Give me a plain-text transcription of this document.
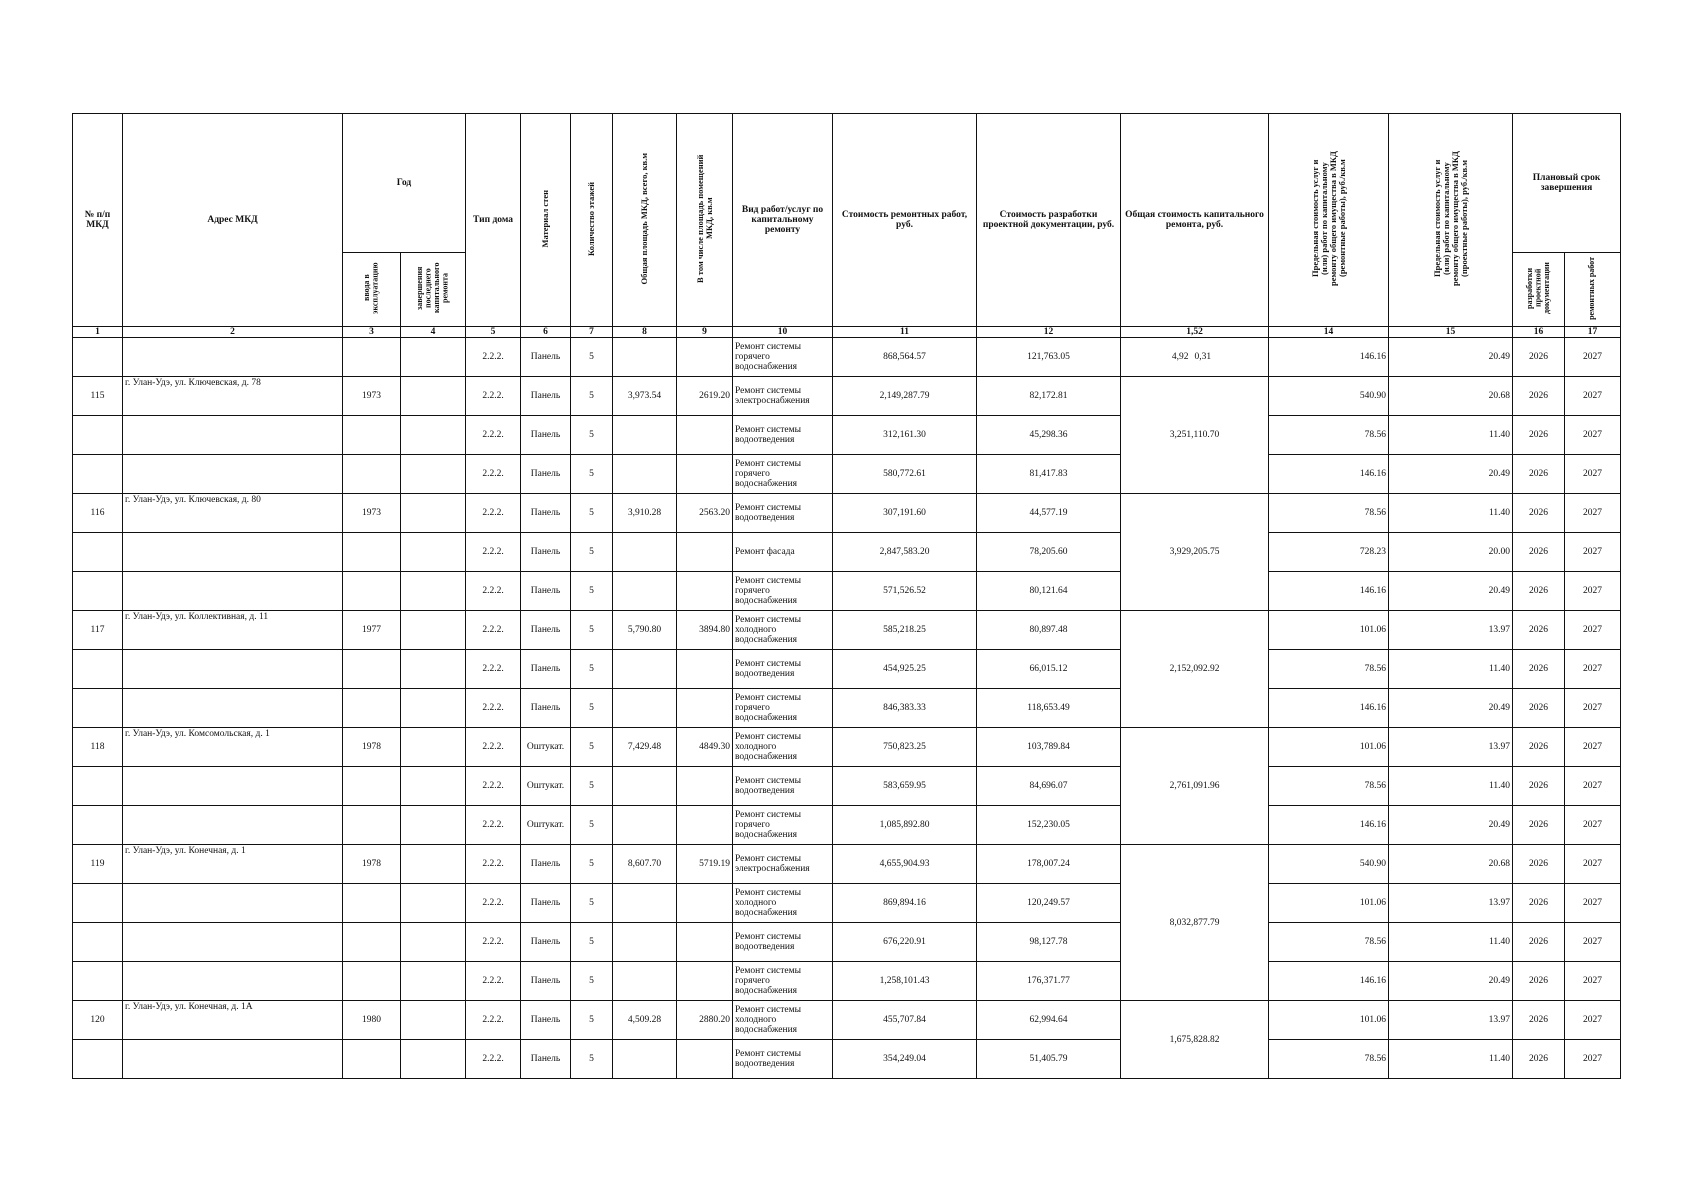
№ п/п МКД	Адрес МКД	Год		Тип дома	Материал стен	Количество этажей	Общая площадь МКД, всего, кв.м	В том числе площадь помещений МКД, кв.м	Вид работ/услуг по капитальному ремонту	Стоимость ремонтных работ, руб.	Стоимость разработки проектной документации, руб.	Общая стоимость капитального ремонта, руб.	Предельная стоимость услуг и (или) работ по капитальному ремонту общего имущества в МКД (ремонтные работы), руб./кв.м	Предельная стоимость услуг и (или) работ по капитальному ремонту общего имущества в МКД (проектные работы), руб./кв.м	Плановый срок завершения	
		ввода в эксплуатацию	завершения последнего капитального ремонта												разработки проектной документации	ремонтных работ
1	2	3	4	5	6	7	8	9	10	11	12	1,52	14	15	16	17
				2.2.2.	Панель	5			Ремонт системы горячего водоснабжения	868,564.57	121,763.05	4,92 0,31	146.16	20.49	2026	2027
115	г. Улан-Удэ, ул. Ключевская, д. 78	1973		2.2.2.	Панель	5	3,973.54	2619.20	Ремонт системы электроснабжения	2,149,287.79	82,172.81	3,251,110.70	540.90	20.68	2026	2027
				2.2.2.	Панель	5			Ремонт системы водоотведения	312,161.30	45,298.36		78.56	11.40	2026	2027
				2.2.2.	Панель	5			Ремонт системы горячего водоснабжения	580,772.61	81,417.83		146.16	20.49	2026	2027
116	г. Улан-Удэ, ул. Ключевская, д. 80	1973		2.2.2.	Панель	5	3,910.28	2563.20	Ремонт системы водоотведения	307,191.60	44,577.19	3,929,205.75	78.56	11.40	2026	2027
				2.2.2.	Панель	5			Ремонт фасада	2,847,583.20	78,205.60		728.23	20.00	2026	2027
				2.2.2.	Панель	5			Ремонт системы горячего водоснабжения	571,526.52	80,121.64		146.16	20.49	2026	2027
117	г. Улан-Удэ, ул. Коллективная, д. 11	1977		2.2.2.	Панель	5	5,790.80	3894.80	Ремонт системы холодного водоснабжения	585,218.25	80,897.48	2,152,092.92	101.06	13.97	2026	2027
				2.2.2.	Панель	5			Ремонт системы водоотведения	454,925.25	66,015.12		78.56	11.40	2026	2027
				2.2.2.	Панель	5			Ремонт системы горячего водоснабжения	846,383.33	118,653.49		146.16	20.49	2026	2027
118	г. Улан-Удэ, ул. Комсомольская, д. 1	1978		2.2.2.	Оштукат.	5	7,429.48	4849.30	Ремонт системы холодного водоснабжения	750,823.25	103,789.84	2,761,091.96	101.06	13.97	2026	2027
				2.2.2.	Оштукат.	5			Ремонт системы водоотведения	583,659.95	84,696.07		78.56	11.40	2026	2027
				2.2.2.	Оштукат.	5			Ремонт системы горячего водоснабжения	1,085,892.80	152,230.05		146.16	20.49	2026	2027
119	г. Улан-Удэ, ул. Конечная, д. 1	1978		2.2.2.	Панель	5	8,607.70	5719.19	Ремонт системы электроснабжения	4,655,904.93	178,007.24	8,032,877.79	540.90	20.68	2026	2027
				2.2.2.	Панель	5			Ремонт системы холодного водоснабжения	869,894.16	120,249.57		101.06	13.97	2026	2027
				2.2.2.	Панель	5			Ремонт системы водоотведения	676,220.91	98,127.78		78.56	11.40	2026	2027
				2.2.2.	Панель	5			Ремонт системы горячего водоснабжения	1,258,101.43	176,371.77		146.16	20.49	2026	2027
120	г. Улан-Удэ, ул. Конечная, д. 1А	1980		2.2.2.	Панель	5	4,509.28	2880.20	Ремонт системы холодного водоснабжения	455,707.84	62,994.64	1,675,828.82	101.06	13.97	2026	2027
				2.2.2.	Панель	5			Ремонт системы водоотведения	354,249.04	51,405.79		78.56	11.40	2026	2027
